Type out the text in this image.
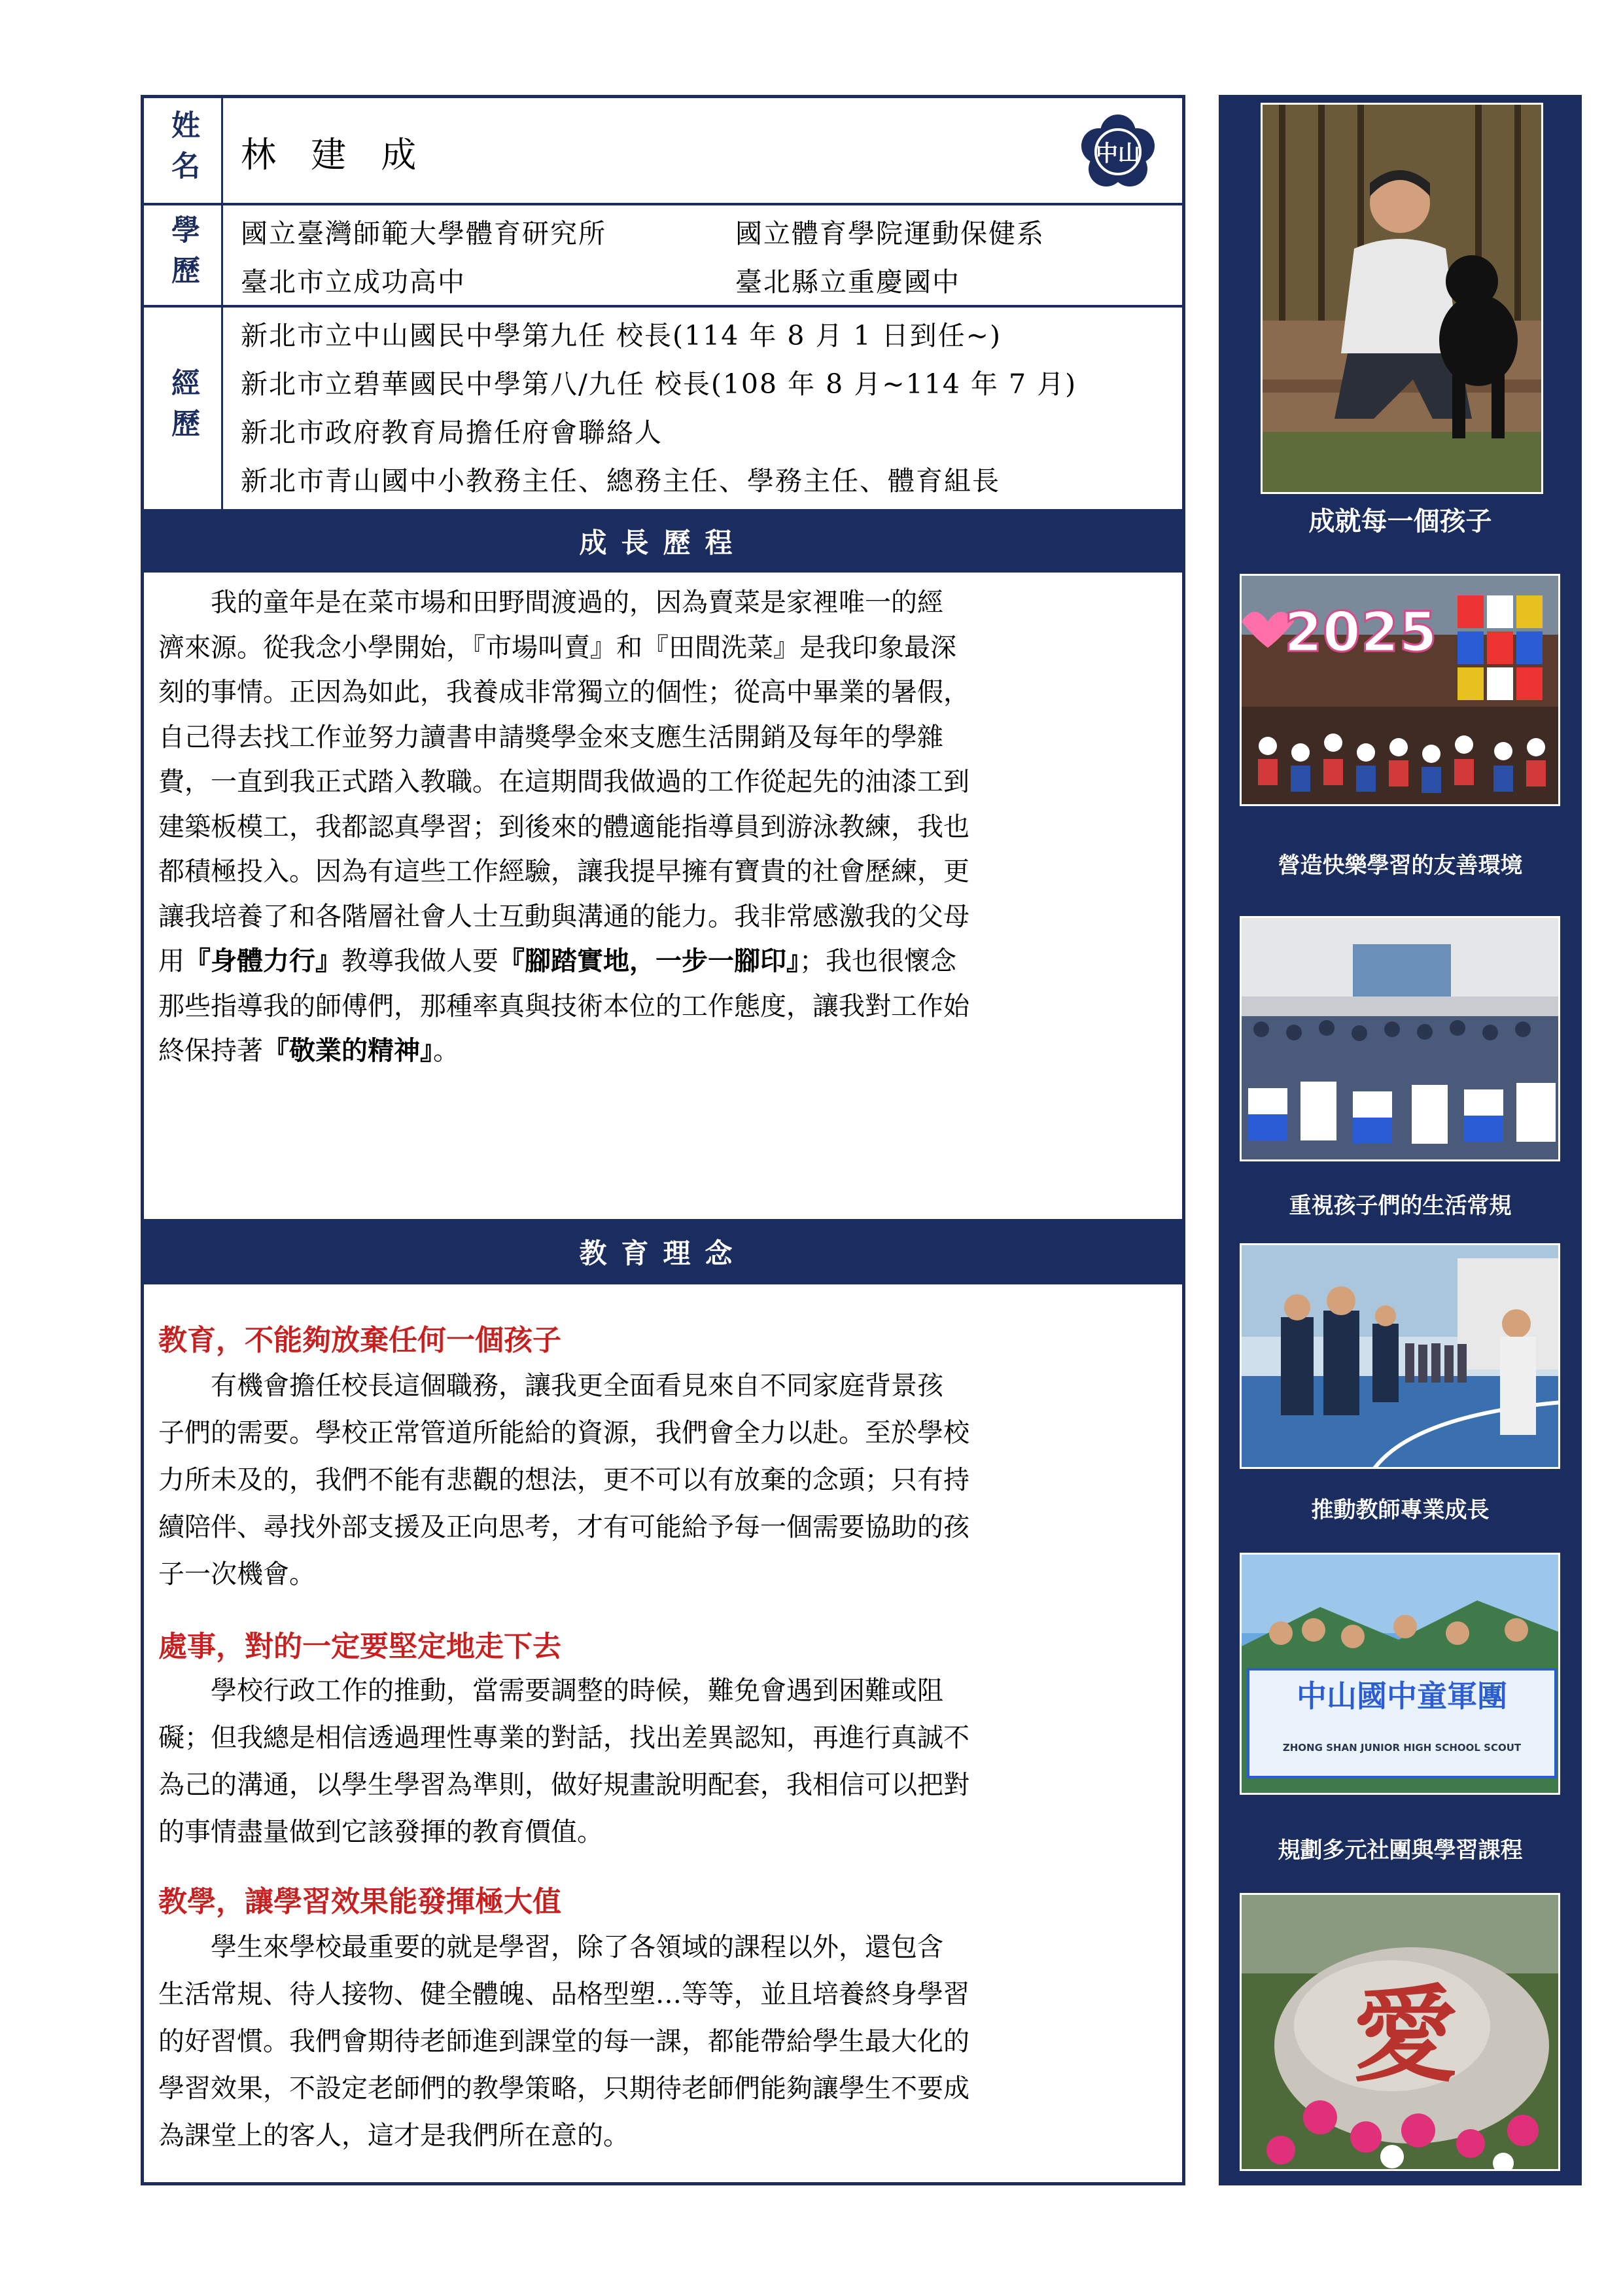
姓名 林 建 成	中山
學歷 國立臺灣師範大學體育研究所	國立體育學院運動保健系
臺北市立成功高中	臺北縣立重慶國中
經歷
新北市立中山國民中學第九任 校長(114 年 8 月 1 日到任~)
新北市立碧華國民中學第八/九任 校長(108 年 8 月~114 年 7 月)
新北市政府教育局擔任府會聯絡人
新北市青山國中小教務主任、總務主任、學務主任、體育組長
成長歷程
我的童年是在菜市場和田野間渡過的，因為賣菜是家裡唯一的經
濟來源。從我念小學開始，『市場叫賣』和『田間洗菜』是我印象最深
刻的事情。正因為如此，我養成非常獨立的個性；從高中畢業的暑假，
自己得去找工作並努力讀書申請獎學金來支應生活開銷及每年的學雜
費，一直到我正式踏入教職。在這期間我做過的工作從起先的油漆工到
建築板模工，我都認真學習；到後來的體適能指導員到游泳教練，我也
都積極投入。因為有這些工作經驗，讓我提早擁有寶貴的社會歷練，更
讓我培養了和各階層社會人士互動與溝通的能力。我非常感激我的父母
用『身體力行』教導我做人要『腳踏實地，一步一腳印』；我也很懷念
那些指導我的師傅們，那種率真與技術本位的工作態度，讓我對工作始
終保持著『敬業的精神』。
教育理念
教育，不能夠放棄任何一個孩子
有機會擔任校長這個職務，讓我更全面看見來自不同家庭背景孩
子們的需要。學校正常管道所能給的資源，我們會全力以赴。至於學校
力所未及的，我們不能有悲觀的想法，更不可以有放棄的念頭；只有持
續陪伴、尋找外部支援及正向思考，才有可能給予每一個需要協助的孩
子一次機會。
處事，對的一定要堅定地走下去
學校行政工作的推動，當需要調整的時候，難免會遇到困難或阻
礙；但我總是相信透過理性專業的對話，找出差異認知，再進行真誠不
為己的溝通，以學生學習為準則，做好規畫說明配套，我相信可以把對
的事情盡量做到它該發揮的教育價值。
教學，讓學習效果能發揮極大值
學生來學校最重要的就是學習，除了各領域的課程以外，還包含
生活常規、待人接物、健全體魄、品格型塑…等等，並且培養終身學習
的好習慣。我們會期待老師進到課堂的每一課，都能帶給學生最大化的
學習效果，不設定老師們的教學策略，只期待老師們能夠讓學生不要成
為課堂上的客人，這才是我們所在意的。
成就每一個孩子
2025
營造快樂學習的友善環境
重視孩子們的生活常規
推動教師專業成長
中山國中童軍團
ZHONG SHAN JUNIOR HIGH SCHOOL SCOUT
規劃多元社團與學習課程
愛
